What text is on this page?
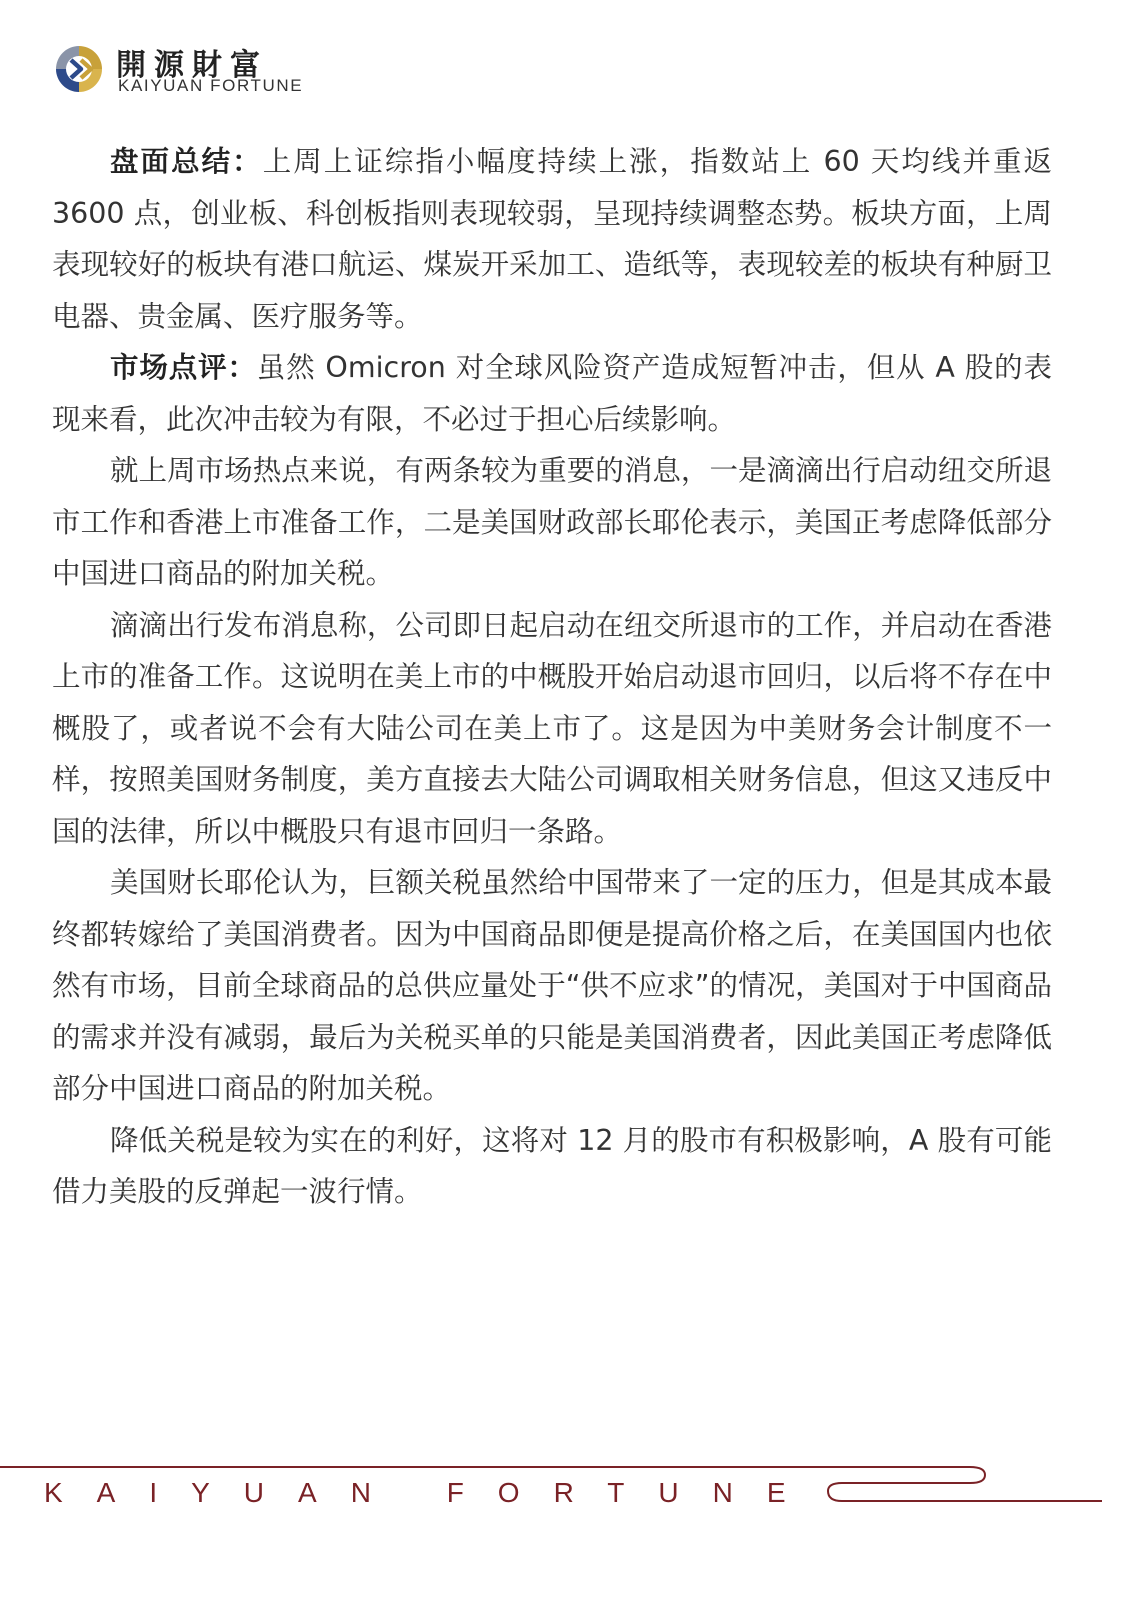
開源財富
KAIYUAN FORTUNE

盘面总结：上周上证综指小幅度持续上涨，指数站上 60 天均线并重返 3600 点，创业板、科创板指则表现较弱，呈现持续调整态势。板块方面，上周表现较好的板块有港口航运、煤炭开采加工、造纸等，表现较差的板块有种厨卫电器、贵金属、医疗服务等。

市场点评：虽然 Omicron 对全球风险资产造成短暂冲击，但从 A 股的表现来看，此次冲击较为有限，不必过于担心后续影响。

就上周市场热点来说，有两条较为重要的消息，一是滴滴出行启动纽交所退市工作和香港上市准备工作，二是美国财政部长耶伦表示，美国正考虑降低部分中国进口商品的附加关税。

滴滴出行发布消息称，公司即日起启动在纽交所退市的工作，并启动在香港上市的准备工作。这说明在美上市的中概股开始启动退市回归，以后将不存在中概股了，或者说不会有大陆公司在美上市了。这是因为中美财务会计制度不一样，按照美国财务制度，美方直接去大陆公司调取相关财务信息，但这又违反中国的法律，所以中概股只有退市回归一条路。

美国财长耶伦认为，巨额关税虽然给中国带来了一定的压力，但是其成本最终都转嫁给了美国消费者。因为中国商品即便是提高价格之后，在美国国内也依然有市场，目前全球商品的总供应量处于“供不应求”的情况，美国对于中国商品的需求并没有减弱，最后为关税买单的只能是美国消费者，因此美国正考虑降低部分中国进口商品的附加关税。

降低关税是较为实在的利好，这将对 12 月的股市有积极影响，A 股有可能借力美股的反弹起一波行情。

KAIYUAN FORTUNE
